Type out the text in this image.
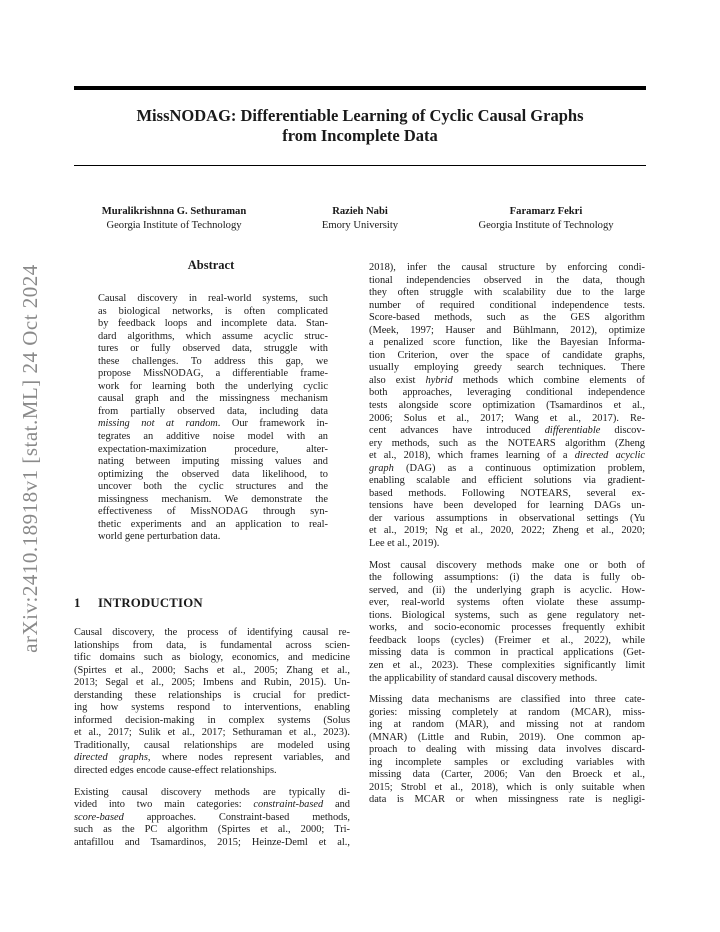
arXiv:2410.18918v1 [stat.ML] 24 Oct 2024
MissNODAG: Differentiable Learning of Cyclic Causal Graphs
from Incomplete Data
Muralikrishnna G. Sethuraman
Georgia Institute of Technology
Razieh Nabi
Emory University
Faramarz Fekri
Georgia Institute of Technology
Abstract
Causal discovery in real-world systems, such
as biological networks, is often complicated
by feedback loops and incomplete data. Stan-
dard algorithms, which assume acyclic struc-
tures or fully observed data, struggle with
these challenges. To address this gap, we
propose MissNODAG, a differentiable frame-
work for learning both the underlying cyclic
causal graph and the missingness mechanism
from partially observed data, including data
missing not at random. Our framework in-
tegrates an additive noise model with an
expectation-maximization procedure, alter-
nating between imputing missing values and
optimizing the observed data likelihood, to
uncover both the cyclic structures and the
missingness mechanism. We demonstrate the
effectiveness of MissNODAG through syn-
thetic experiments and an application to real-
world gene perturbation data.
1 INTRODUCTION

Causal discovery, the process of identifying causal re-
lationships from data, is fundamental across scien-
tific domains such as biology, economics, and medicine
(Spirtes et al., 2000; Sachs et al., 2005; Zhang et al.,
2013; Segal et al., 2005; Imbens and Rubin, 2015). Un-
derstanding these relationships is crucial for predict-
ing how systems respond to interventions, enabling
informed decision-making in complex systems (Solus
et al., 2017; Sulik et al., 2017; Sethuraman et al., 2023).
Traditionally, causal relationships are modeled using
directed graphs, where nodes represent variables, and
directed edges encode cause-effect relationships.

Existing causal discovery methods are typically di-
vided into two main categories: constraint-based and
score-based approaches. Constraint-based methods,
such as the PC algorithm (Spirtes et al., 2000; Tri-
antafillou and Tsamardinos, 2015; Heinze-Deml et al.,

2018), infer the causal structure by enforcing condi-
tional independencies observed in the data, though
they often struggle with scalability due to the large
number of required conditional independence tests.
Score-based methods, such as the GES algorithm
(Meek, 1997; Hauser and Bühlmann, 2012), optimize
a penalized score function, like the Bayesian Informa-
tion Criterion, over the space of candidate graphs,
usually employing greedy search techniques. There
also exist hybrid methods which combine elements of
both approaches, leveraging conditional independence
tests alongside score optimization (Tsamardinos et al.,
2006; Solus et al., 2017; Wang et al., 2017). Re-
cent advances have introduced differentiable discov-
ery methods, such as the NOTEARS algorithm (Zheng
et al., 2018), which frames learning of a directed acyclic
graph (DAG) as a continuous optimization problem,
enabling scalable and efficient solutions via gradient-
based methods. Following NOTEARS, several ex-
tensions have been developed for learning DAGs un-
der various assumptions in observational settings (Yu
et al., 2019; Ng et al., 2020, 2022; Zheng et al., 2020;
Lee et al., 2019).

Most causal discovery methods make one or both of
the following assumptions: (i) the data is fully ob-
served, and (ii) the underlying graph is acyclic. How-
ever, real-world systems often violate these assump-
tions. Biological systems, such as gene regulatory net-
works, and socio-economic processes frequently exhibit
feedback loops (cycles) (Freimer et al., 2022), while
missing data is common in practical applications (Get-
zen et al., 2023). These complexities significantly limit
the applicability of standard causal discovery methods.

Missing data mechanisms are classified into three cate-
gories: missing completely at random (MCAR), miss-
ing at random (MAR), and missing not at random
(MNAR) (Little and Rubin, 2019). One common ap-
proach to dealing with missing data involves discard-
ing incomplete samples or excluding variables with
missing data (Carter, 2006; Van den Broeck et al.,
2015; Strobl et al., 2018), which is only suitable when
data is MCAR or when missingness rate is negligi-
